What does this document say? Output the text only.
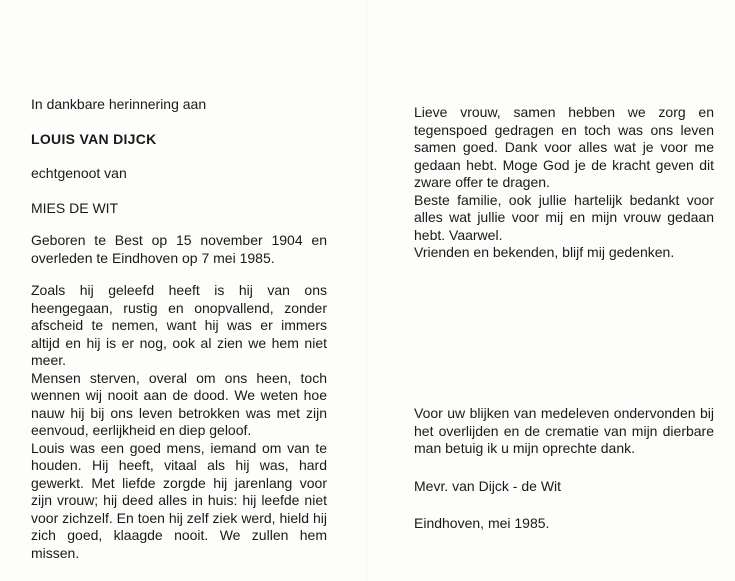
In dankbare herinnering aan

LOUIS VAN DIJCK

echtgenoot van

MIES DE WIT

Geboren te Best op 15 november 1904 en overleden te Eindhoven op 7 mei 1985.

Zoals hij geleefd heeft is hij van ons heengegaan, rustig en onopvallend, zonder afscheid te nemen, want hij was er immers altijd en hij is er nog, ook al zien we hem niet meer.

Mensen sterven, overal om ons heen, toch wennen wij nooit aan de dood. We weten hoe nauw hij bij ons leven betrokken was met zijn eenvoud, eerlijkheid en diep geloof.

Louis was een goed mens, iemand om van te houden. Hij heeft, vitaal als hij was, hard gewerkt. Met liefde zorgde hij jarenlang voor zijn vrouw; hij deed alles in huis: hij leefde niet voor zichzelf. En toen hij zelf ziek werd, hield hij zich goed, klaagde nooit. We zullen hem missen.

Lieve vrouw, samen hebben we zorg en tegenspoed gedragen en toch was ons leven samen goed. Dank voor alles wat je voor me gedaan hebt. Moge God je de kracht geven dit zware offer te dragen.

Beste familie, ook jullie hartelijk bedankt voor alles wat jullie voor mij en mijn vrouw gedaan hebt. Vaarwel.

Vrienden en bekenden, blijf mij gedenken.

Voor uw blijken van medeleven ondervonden bij het overlijden en de crematie van mijn dierbare man betuig ik u mijn oprechte dank.

Mevr. van Dijck - de Wit

Eindhoven, mei 1985.
